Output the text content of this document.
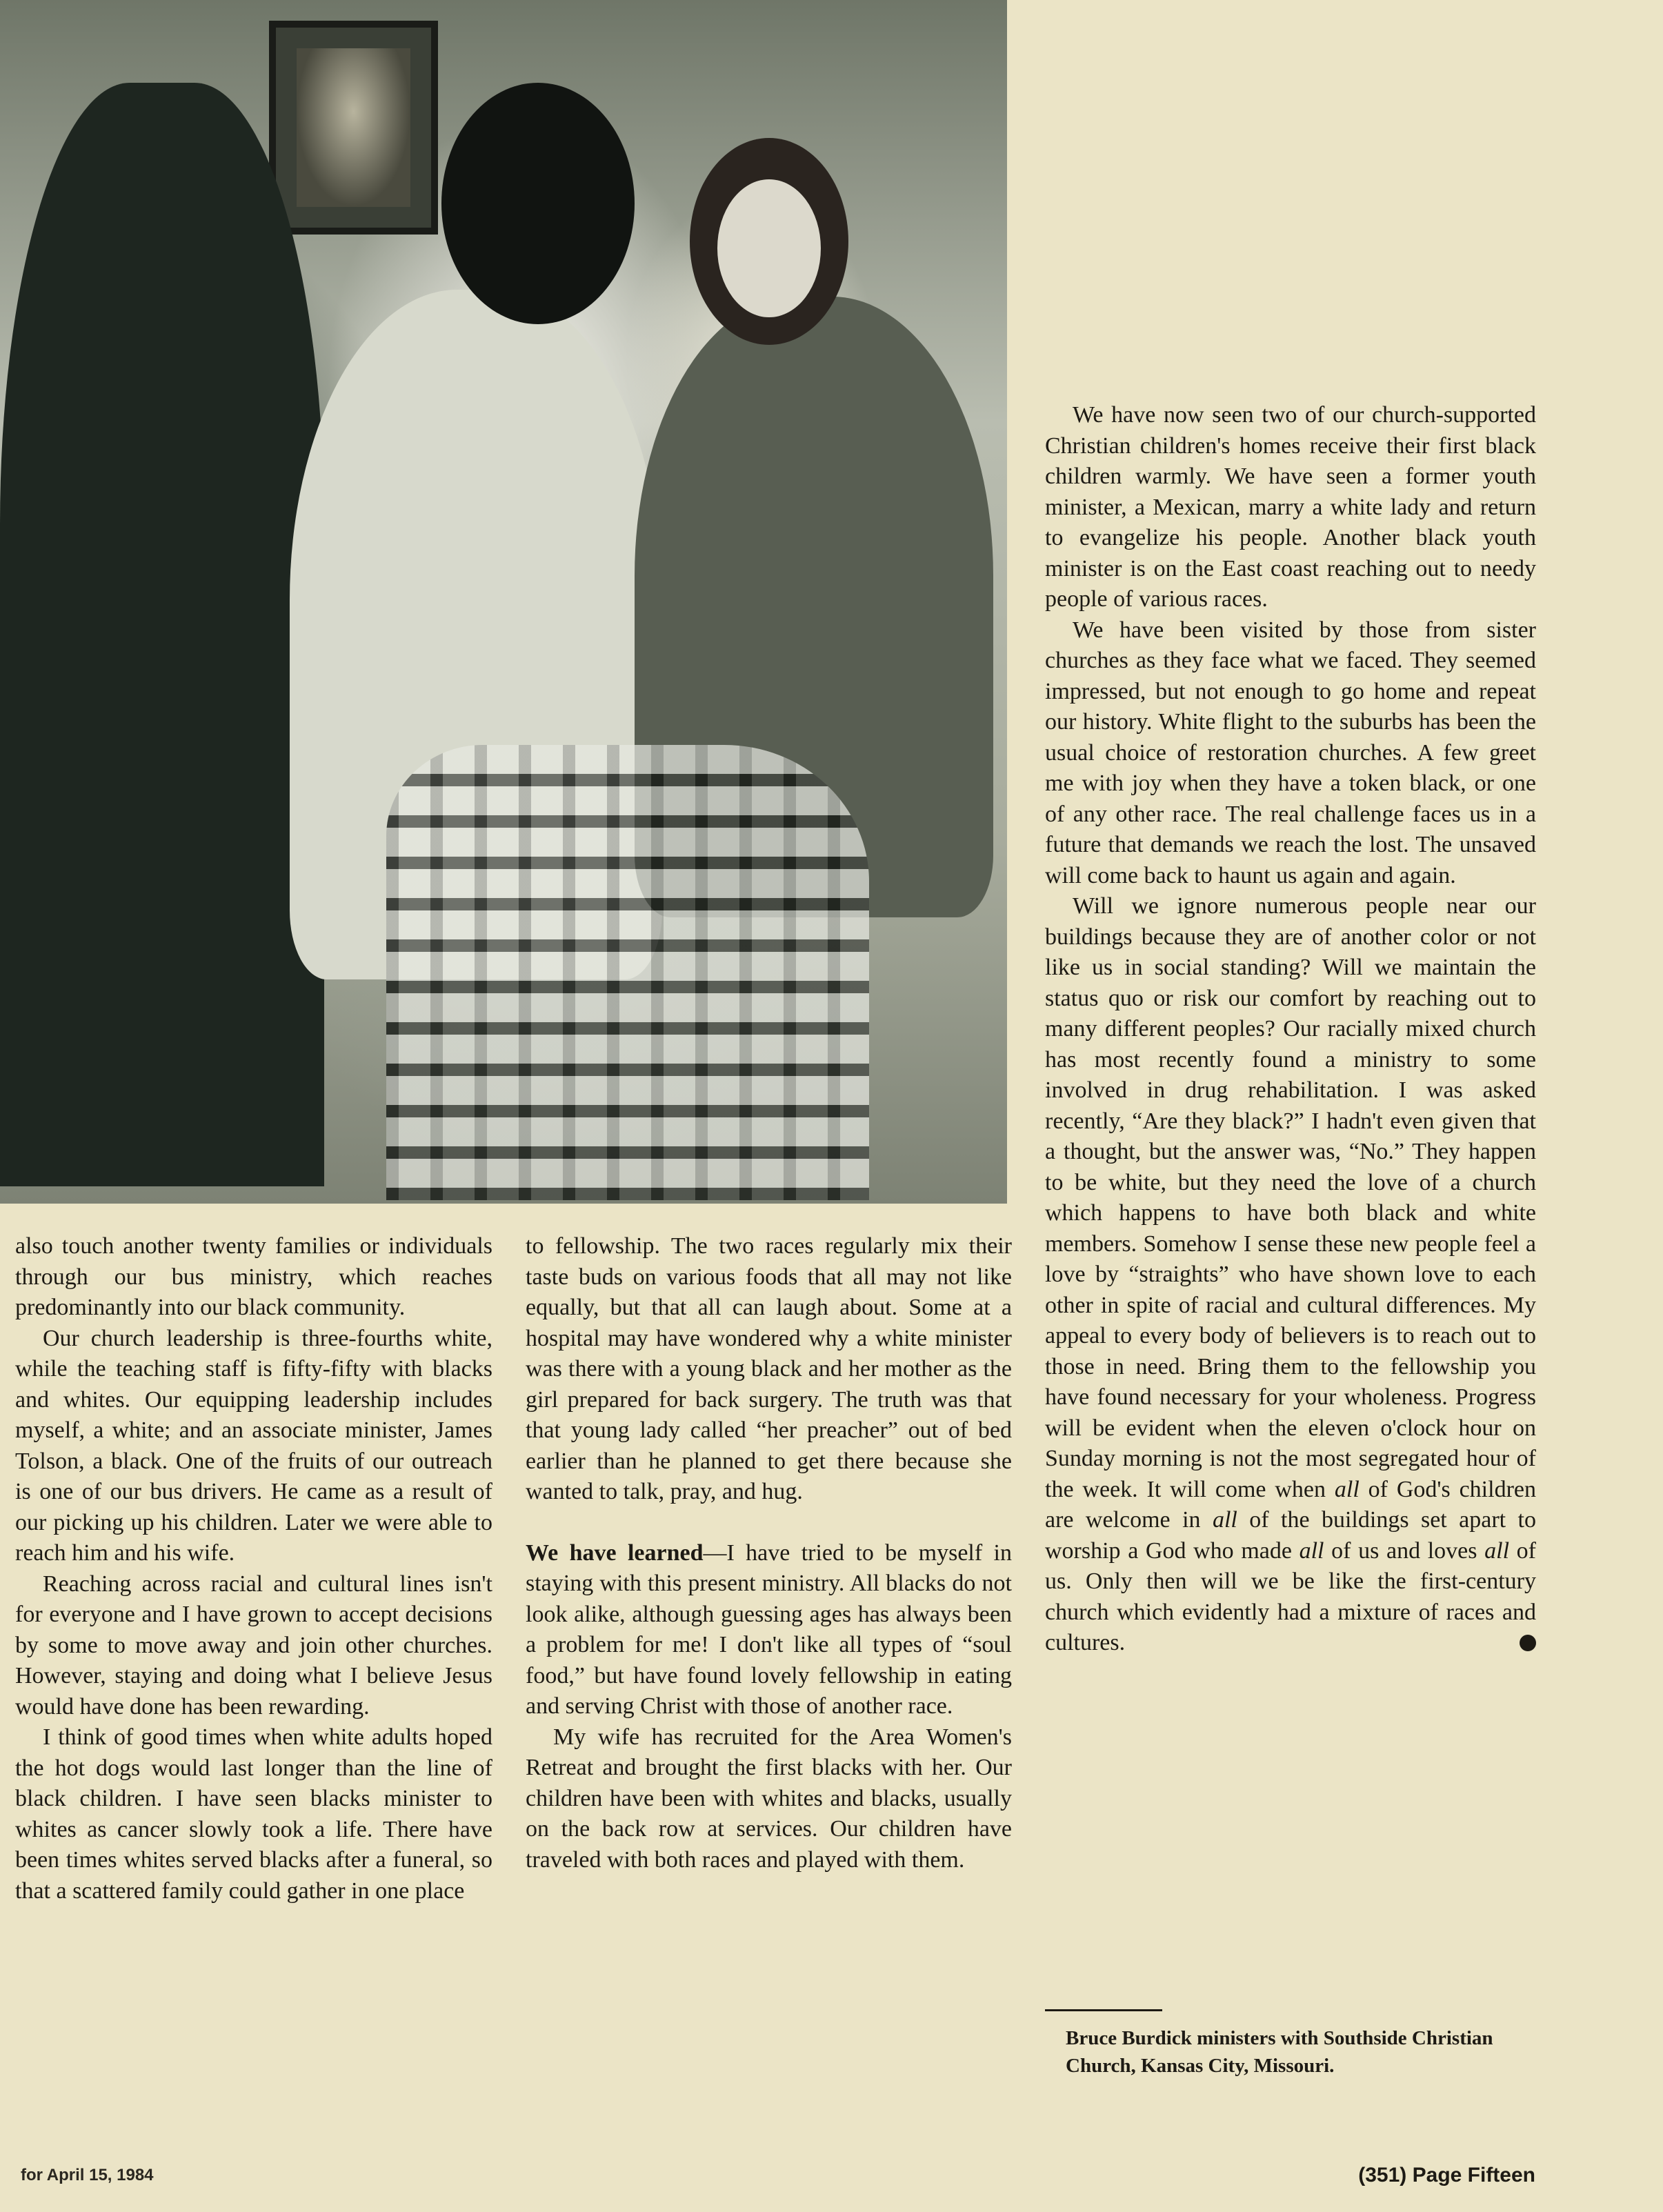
also touch another twenty families or individuals through our bus ministry, which reaches predominantly into our black community.

Our church leadership is three-fourths white, while the teaching staff is fifty-fifty with blacks and whites. Our equipping leadership includes myself, a white; and an associate minister, James Tolson, a black. One of the fruits of our outreach is one of our bus drivers. He came as a result of our picking up his children. Later we were able to reach him and his wife.

Reaching across racial and cultural lines isn't for everyone and I have grown to accept decisions by some to move away and join other churches. However, staying and doing what I believe Jesus would have done has been rewarding.

I think of good times when white adults hoped the hot dogs would last longer than the line of black children. I have seen blacks minister to whites as cancer slowly took a life. There have been times whites served blacks after a funeral, so that a scattered family could gather in one place

to fellowship. The two races regularly mix their taste buds on various foods that all may not like equally, but that all can laugh about. Some at a hospital may have wondered why a white minister was there with a young black and her mother as the girl prepared for back surgery. The truth was that that young lady called “her preacher” out of bed earlier than he planned to get there because she wanted to talk, pray, and hug.

We have learned—I have tried to be myself in staying with this present ministry. All blacks do not look alike, although guessing ages has always been a problem for me! I don't like all types of “soul food,” but have found lovely fellowship in eating and serving Christ with those of another race.

My wife has recruited for the Area Women's Retreat and brought the first blacks with her. Our children have been with whites and blacks, usually on the back row at services. Our children have traveled with both races and played with them.

We have now seen two of our church-supported Christian children's homes receive their first black children warmly. We have seen a former youth minister, a Mexican, marry a white lady and return to evangelize his people. Another black youth minister is on the East coast reaching out to needy people of various races.

We have been visited by those from sister churches as they face what we faced. They seemed impressed, but not enough to go home and repeat our history. White flight to the suburbs has been the usual choice of restoration churches. A few greet me with joy when they have a token black, or one of any other race. The real challenge faces us in a future that demands we reach the lost. The unsaved will come back to haunt us again and again.

Will we ignore numerous people near our buildings because they are of another color or not like us in social standing? Will we maintain the status quo or risk our comfort by reaching out to many different peoples? Our racially mixed church has most recently found a ministry to some involved in drug rehabilitation. I was asked recently, “Are they black?” I hadn't even given that a thought, but the answer was, “No.” They happen to be white, but they need the love of a church which happens to have both black and white members. Somehow I sense these new people feel a love by “straights” who have shown love to each other in spite of racial and cultural differences. My appeal to every body of believers is to reach out to those in need. Bring them to the fellowship you have found necessary for your wholeness. Progress will be evident when the eleven o'clock hour on Sunday morning is not the most segregated hour of the week. It will come when all of God's children are welcome in all of the buildings set apart to worship a God who made all of us and loves all of us. Only then will we be like the first-century church which evidently had a mixture of races and cultures.

Bruce Burdick ministers with Southside Christian Church, Kansas City, Missouri.
for April 15, 1984	(351) Page Fifteen
